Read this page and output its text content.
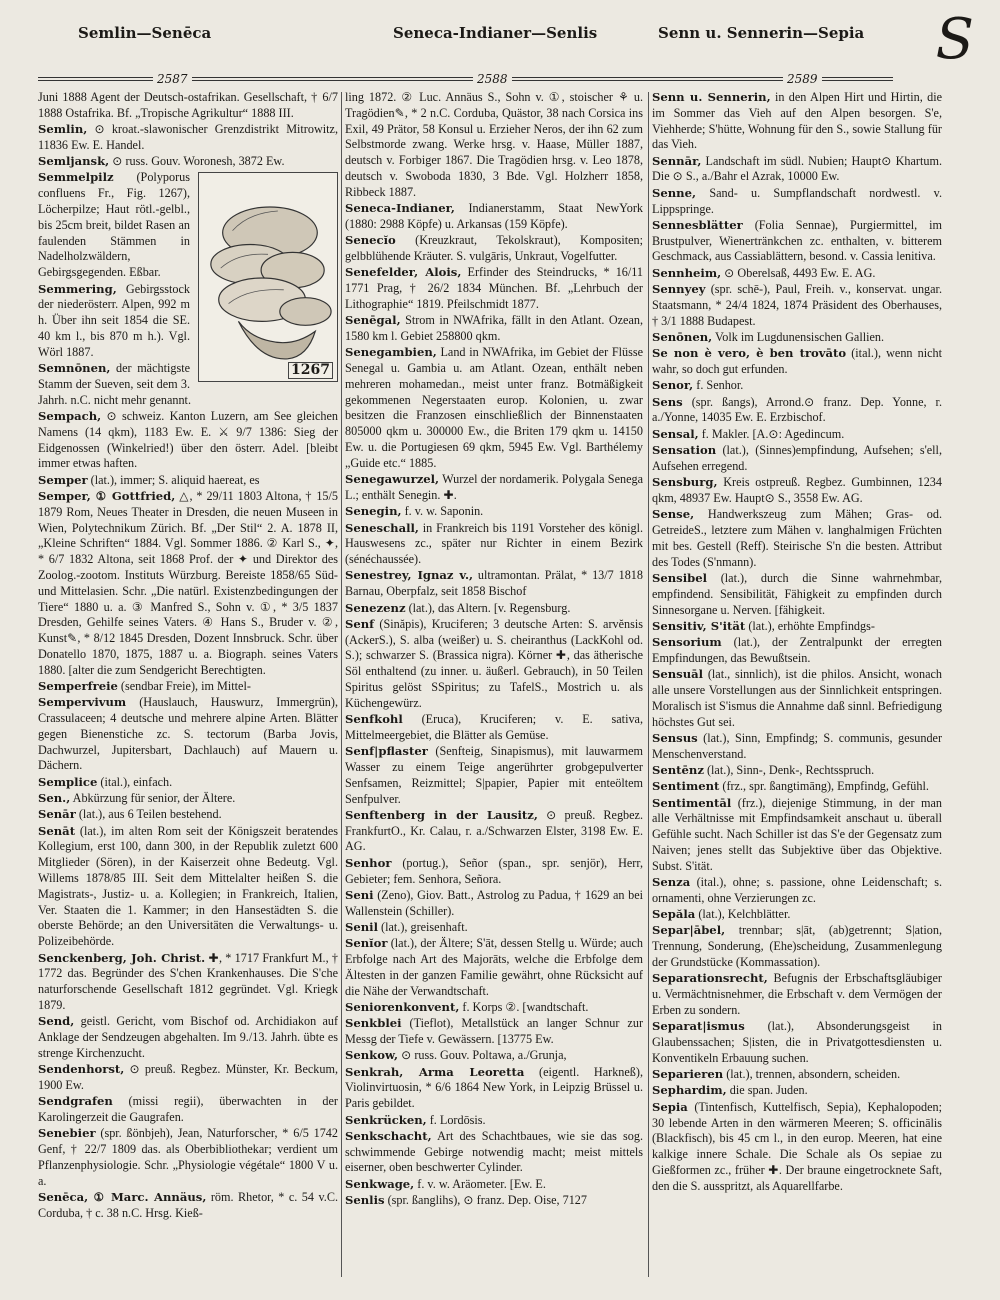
Semlin—Senēca	Seneca-Indianer—Senlis	Senn u. Sennerin—Sepia
2587	2588	2589
S
Juni 1888 Agent der Deutsch-ostafrikan. Gesellschaft, † 6/7 1888 Ostafrika. Bf. „Tropische Agrikultur“ 1888 III.
Semlin, ⊙ kroat.-slawonischer Grenzdistrikt Mitrowitz, 11836 Ew. E. Handel.
Semljansk, ⊙ russ. Gouv. Woronesh, 3872 Ew.
1267
Semmelpilz (Polyporus confluens Fr., Fig. 1267), Löcherpilze; Haut rötl.-gelbl., bis 25cm breit, bildet Rasen an faulenden Stämmen in Nadelholzwäldern, Gebirgsgegenden. Eßbar.
Semmering, Gebirgsstock der niederösterr. Alpen, 992 m h. Über ihn seit 1854 die SE. 40 km l., bis 870 m h.). Vgl. Wörl 1887.
Semnōnen, der mächtigste Stamm der Sueven, seit dem 3. Jahrh. n.C. nicht mehr genannt.
Sempach, ⊙ schweiz. Kanton Luzern, am See gleichen Namens (14 qkm), 1183 Ew. E. ⚔ 9/7 1386: Sieg der Eidgenossen (Winkelried!) über den österr. Adel. [bleibt immer etwas haften.
Semper (lat.), immer; S. aliquid haereat, es
Semper, ① Gottfried, △, * 29/11 1803 Altona, † 15/5 1879 Rom, Neues Theater in Dresden, die neuen Museen in Wien, Polytechnikum Zürich. Bf. „Der Stil“ 2. A. 1878 II, „Kleine Schriften“ 1884. Vgl. Sommer 1886. ② Karl S., ✦, * 6/7 1832 Altona, seit 1868 Prof. der ✦ und Direktor des Zoolog.-zootom. Instituts Würzburg. Bereiste 1858/65 Süd- und Mittelasien. Schr. „Die natürl. Existenzbedingungen der Tiere“ 1880 u. a. ③ Manfred S., Sohn v. ①, * 3/5 1837 Dresden, Gehilfe seines Vaters. ④ Hans S., Bruder v. ②, Kunst✎, * 8/12 1845 Dresden, Dozent Innsbruck. Schr. über Donatello 1870, 1875, 1887 u. a. Biograph. seines Vaters 1880. [alter die zum Sendgericht Berechtigten.
Semperfreie (sendbar Freie), im Mittel-
Sempervivum (Hauslauch, Hauswurz, Immergrün), Crassulaceen; 4 deutsche und mehrere alpine Arten. Blätter gegen Bienenstiche zc. S. tectorum (Barba Jovis, Dachwurzel, Jupitersbart, Dachlauch) auf Mauern u. Dächern.
Semplice (ital.), einfach.
Sen., Abkürzung für senior, der Ältere.
Senār (lat.), aus 6 Teilen bestehend.
Senāt (lat.), im alten Rom seit der Königszeit beratendes Kollegium, erst 100, dann 300, in der Republik zuletzt 600 Mitglieder (Sören), in der Kaiserzeit ohne Bedeutg. Vgl. Willems 1878/85 III. Seit dem Mittelalter heißen S. die Magistrats-, Justiz- u. a. Kollegien; in Frankreich, Italien, Ver. Staaten die 1. Kammer; in den Hansestädten S. die oberste Behörde; an den Universitäten die Verwaltungs- u. Polizeibehörde.
Senckenberg, Joh. Christ. ✚, * 1717 Frankfurt M., † 1772 das. Begründer des S'chen Krankenhauses. Die S'che naturforschende Gesellschaft 1812 gegründet. Vgl. Kriegk 1879.
Send, geistl. Gericht, vom Bischof od. Archidiakon auf Anklage der Sendzeugen abgehalten. Im 9./13. Jahrh. übte es strenge Kirchenzucht.
Sendenhorst, ⊙ preuß. Regbez. Münster, Kr. Beckum, 1900 Ew.
Sendgrafen (missi regii), überwachten in der Karolingerzeit die Gaugrafen.
Senebier (spr. ßönbjeh), Jean, Naturforscher, * 6/5 1742 Genf, † 22/7 1809 das. als Oberbibliothekar; verdient um Pflanzenphysiologie. Schr. „Physiologie végétale“ 1800 V u. a.
Senēca, ① Marc. Annäus, röm. Rhetor, * c. 54 v.C. Corduba, † c. 38 n.C. Hrsg. Kieß-
ling 1872. ② Luc. Annäus S., Sohn v. ①, stoischer ⚘ u. Tragödien✎, * 2 n.C. Corduba, Quästor, 38 nach Corsica ins Exil, 49 Prätor, 58 Konsul u. Erzieher Neros, der ihn 62 zum Selbstmorde zwang. Werke hrsg. v. Haase, Müller 1887, deutsch v. Forbiger 1867. Die Tragödien hrsg. v. Leo 1878, deutsch v. Swoboda 1830, 3 Bde. Vgl. Holzherr 1858, Ribbeck 1887.
Seneca-Indianer, Indianerstamm, Staat NewYork (1880: 2988 Köpfe) u. Arkansas (159 Köpfe).
Senecĭo (Kreuzkraut, Tekolskraut), Kompositen; gelbblühende Kräuter. S. vulgāris, Unkraut, Vogelfutter.
Senefelder, Alois, Erfinder des Steindrucks, * 16/11 1771 Prag, † 26/2 1834 München. Bf. „Lehrbuch der Lithographie“ 1819. Pfeilschmidt 1877.
Senēgal, Strom in NWAfrika, fällt in den Atlant. Ozean, 1580 km l. Gebiet 258800 qkm.
Senegambien, Land in NWAfrika, im Gebiet der Flüsse Senegal u. Gambia u. am Atlant. Ozean, enthält neben mehreren mohamedan., meist unter franz. Botmäßigkeit gekommenen Negerstaaten europ. Kolonien, u. zwar besitzen die Franzosen einschließlich der Binnenstaaten 805000 qkm u. 300000 Ew., die Briten 179 qkm u. 14150 Ew. u. die Portugiesen 69 qkm, 5945 Ew. Vgl. Barthélemy „Guide etc.“ 1885.
Senegawurzel, Wurzel der nordamerik. Polygala Senega L.; enthält Senegin. ✚.
Senegin, f. v. w. Saponin.
Seneschall, in Frankreich bis 1191 Vorsteher des königl. Hauswesens zc., später nur Richter in einem Bezirk (sénéchaussée).
Senestrey, Ignaz v., ultramontan. Prälat, * 13/7 1818 Barnau, Oberpfalz, seit 1858 Bischof
Senezenz (lat.), das Altern. [v. Regensburg.
Senf (Sinăpis), Kruciferen; 3 deutsche Arten: S. arvĕnsis (AckerS.), S. alba (weißer) u. S. cheiranthus (LackKohl od. S.); schwarzer S. (Brassica nigra). Körner ✚, das ätherische Söl enthaltend (zu inner. u. äußerl. Gebrauch), in 50 Teilen Spiritus gelöst SSpiritus; zu TafelS., Mostrich u. als Küchengewürz.
Senfkohl (Eruca), Kruciferen; v. E. sativa, Mittelmeergebiet, die Blätter als Gemüse.
Senf|pflaster (Senfteig, Sinapismus), mit lauwarmem Wasser zu einem Teige angerührter grobgepulverter Senfsamen, Reizmittel; S|papier, Papier mit enteöltem Senfpulver.
Senftenberg in der Lausitz, ⊙ preuß. Regbez. FrankfurtO., Kr. Calau, r. a./Schwarzen Elster, 3198 Ew. E. AG.
Senhor (portug.), Señor (span., spr. senjör), Herr, Gebieter; fem. Senhora, Señora.
Seni (Zeno), Giov. Batt., Astrolog zu Padua, † 1629 an bei Wallenstein (Schiller).
Senil (lat.), greisenhaft.
Senĭor (lat.), der Ältere; S'āt, dessen Stellg u. Würde; auch Erbfolge nach Art des Majorāts, welche die Erbfolge dem Ältesten in der ganzen Familie gewährt, ohne Rücksicht auf die Nähe der Verwandtschaft.
Seniorenkonvent, f. Korps ②. [wandtschaft.
Senkblei (Tieflot), Metallstück an langer Schnur zur Messg der Tiefe v. Gewässern. [13775 Ew.
Senkow, ⊙ russ. Gouv. Poltawa, a./Grunja,
Senkrah, Arma Leoretta (eigentl. Harkneß), Violinvirtuosin, * 6/6 1864 New York, in Leipzig Brüssel u. Paris gebildet.
Senkrücken, f. Lordōsis.
Senkschacht, Art des Schachtbaues, wie sie das sog. schwimmende Gebirge notwendig macht; meist mittels eiserner, oben beschwerter Cylinder.
Senkwage, f. v. w. Aräometer. [Ew. E.
Senlis (spr. ßanglihs), ⊙ franz. Dep. Oise, 7127
Senn u. Sennerin, in den Alpen Hirt und Hirtin, die im Sommer das Vieh auf den Alpen besorgen. S'e, Viehherde; S'hütte, Wohnung für den S., sowie Stallung für das Vieh.
Sennār, Landschaft im südl. Nubien; Haupt⊙ Khartum. Die ⊙ S., a./Bahr el Azrak, 10000 Ew.
Senne, Sand- u. Sumpflandschaft nordwestl. v. Lippspringe.
Sennesblätter (Folia Sennae), Purgiermittel, im Brustpulver, Wienertränkchen zc. enthalten, v. bitterem Geschmack, aus Cassiablättern, besond. v. Cassia lenitiva.
Sennheim, ⊙ Oberelsaß, 4493 Ew. E. AG.
Sennyey (spr. schē-), Paul, Freih. v., konservat. ungar. Staatsmann, * 24/4 1824, 1874 Präsident des Oberhauses, † 3/1 1888 Budapest.
Senōnen, Volk im Lugdunensischen Gallien.
Se non è vero, è ben trovāto (ital.), wenn nicht wahr, so doch gut erfunden.
Senor, f. Senhor.
Sens (spr. ßangs), Arrond.⊙ franz. Dep. Yonne, r. a./Yonne, 14035 Ew. E. Erzbischof.
Sensal, f. Makler. [A.⊙: Agedincum.
Sensation (lat.), (Sinnes)empfindung, Aufsehen; s'ell, Aufsehen erregend.
Sensburg, Kreis ostpreuß. Regbez. Gumbinnen, 1234 qkm, 48937 Ew. Haupt⊙ S., 3558 Ew. AG.
Sense, Handwerkszeug zum Mähen; Gras- od. GetreideS., letztere zum Mähen v. langhalmigen Früchten mit bes. Gestell (Reff). Steirische S'n die besten. Attribut des Todes (S'nmann).
Sensibel (lat.), durch die Sinne wahrnehmbar, empfindend. Sensibilität, Fähigkeit zu empfinden durch Sinnesorgane u. Nerven. [fähigkeit.
Sensitiv, S'ität (lat.), erhöhte Empfindgs-
Sensorium (lat.), der Zentralpunkt der erregten Empfindungen, das Bewußtsein.
Sensuāl (lat., sinnlich), ist die philos. Ansicht, wonach alle unsere Vorstellungen aus der Sinnlichkeit entspringen. Moralisch ist S'ismus die Annahme daß sinnl. Befriedigung höchstes Gut sei.
Sensus (lat.), Sinn, Empfindg; S. communis, gesunder Menschenverstand.
Sentēnz (lat.), Sinn-, Denk-, Rechtsspruch.
Sentiment (frz., spr. ßangtimāng), Empfindg, Gefühl.
Sentimentāl (frz.), diejenige Stimmung, in der man alle Verhältnisse mit Empfindsamkeit anschaut u. überall Gefühle sucht. Nach Schiller ist das S'e der Gegensatz zum Naiven; jenes stellt das Subjektive über das Objektive. Subst. S'ität.
Senza (ital.), ohne; s. passione, ohne Leidenschaft; s. ornamenti, ohne Verzierungen zc.
Sepăla (lat.), Kelchblätter.
Separ|ābel, trennbar; s|āt, (ab)getrennt; S|ation, Trennung, Sonderung, (Ehe)scheidung, Zusammenlegung der Grundstücke (Kommassation).
Separationsrecht, Befugnis der Erbschaftsgläubiger u. Vermächtnisnehmer, die Erbschaft v. dem Vermögen der Erben zu sondern.
Separat|ismus (lat.), Absonderungsgeist in Glaubenssachen; S|isten, die in Privatgottesdiensten u. Konventikeln Erbauung suchen.
Separieren (lat.), trennen, absondern, scheiden.
Sephardim, die span. Juden.
Sepia (Tintenfisch, Kuttelfisch, Sepia), Kephalopoden; 30 lebende Arten in den wärmeren Meeren; S. officinālis (Blackfisch), bis 45 cm l., in den europ. Meeren, hat eine kalkige innere Schale. Die Schale als Os sepiae zu Gießformen zc., früher ✚. Der braune eingetrocknete Saft, den die S. ausspritzt, als Aquarellfarbe.
